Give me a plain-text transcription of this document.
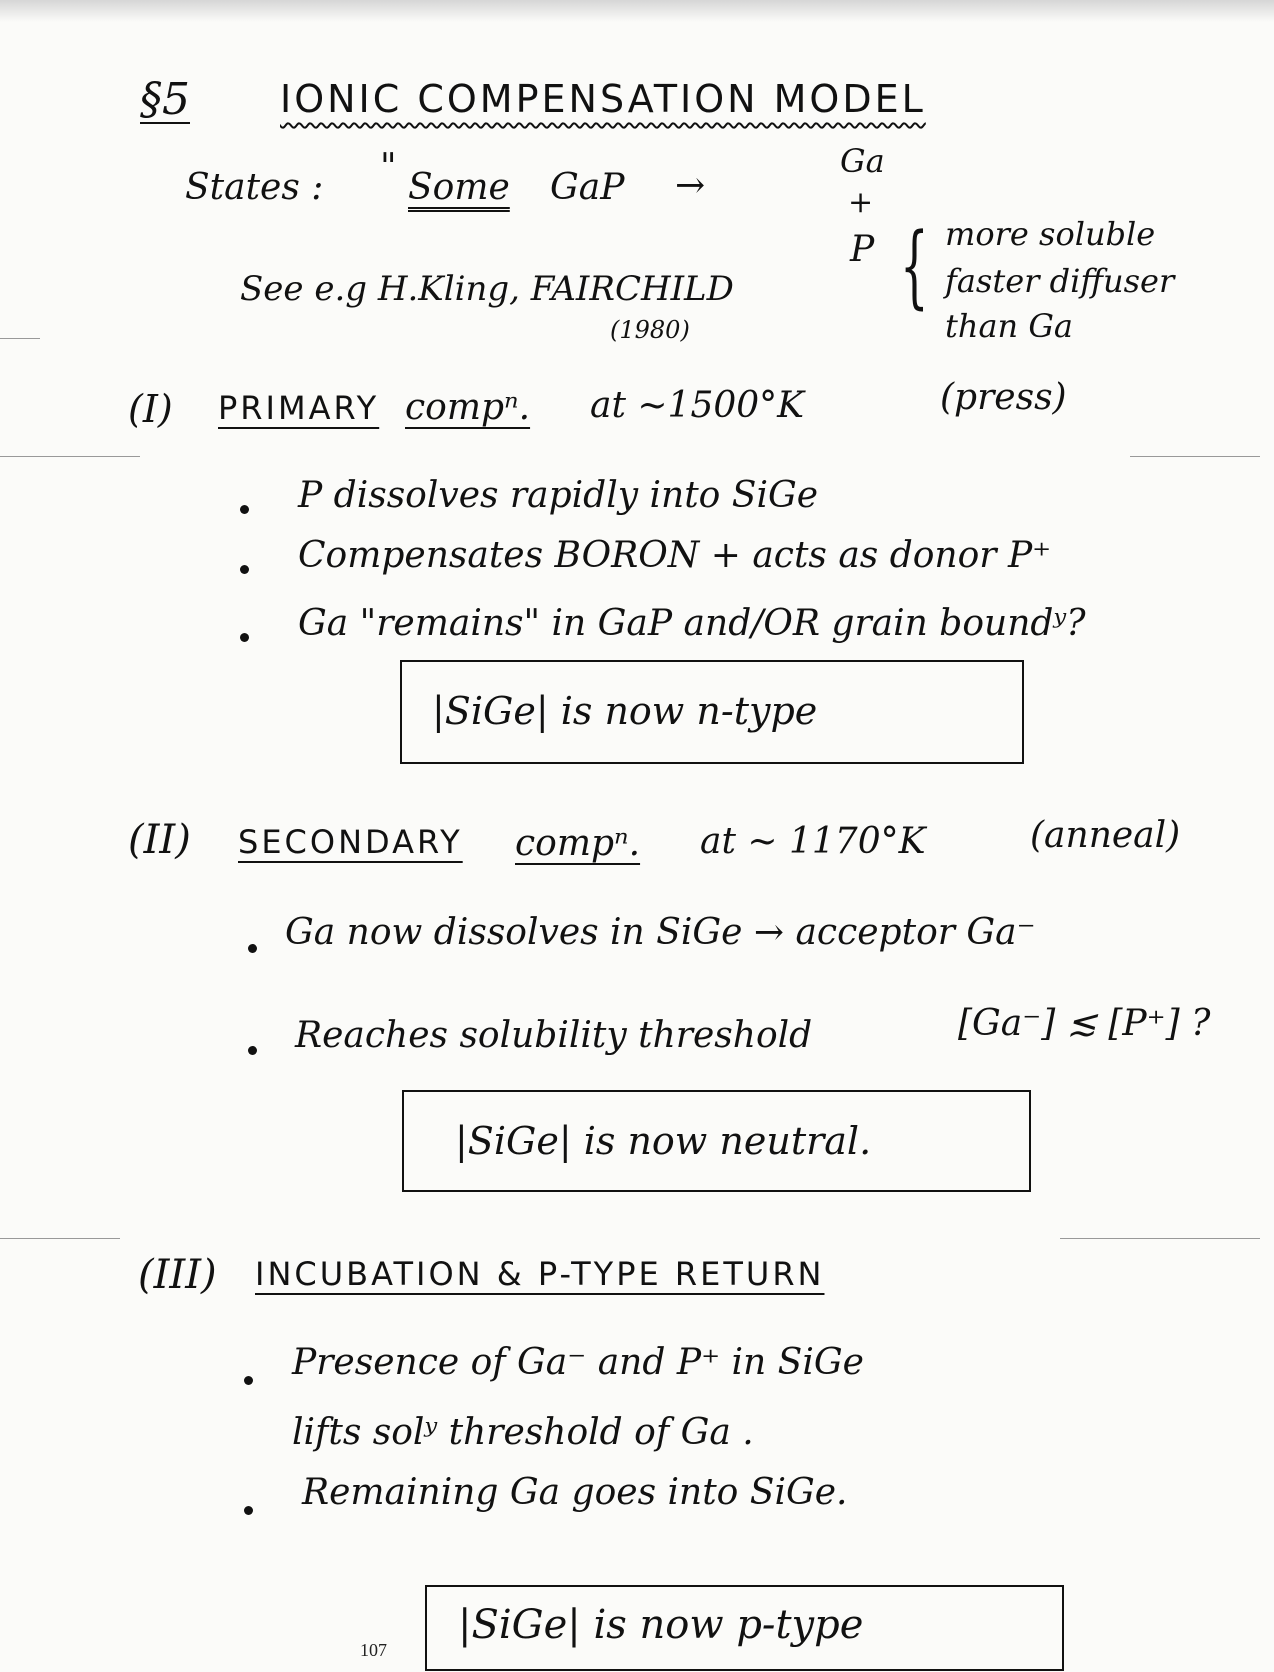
§5 IONIC COMPENSATION MODEL
States : " Some GaP →
Ga
+
P { more soluble
faster diffuser
than Ga
See e.g H.Kling, FAIRCHILD
(1980)
(I) PRIMARY compⁿ. at ~1500°K	(press)
P dissolves rapidly into SiGe
Compensates BORON + acts as donor P⁺
Ga "remains" in GaP and/OR grain boundʸ?
|SiGe| is now n-type
(II) SECONDARY compⁿ. at ~ 1170°K	(anneal)
Ga now dissolves in SiGe → acceptor Ga⁻
Reaches solubility threshold	[Ga⁻] ≲ [P⁺] ?
|SiGe| is now neutral.
(III) INCUBATION & P-TYPE RETURN
Presence of Ga⁻ and P⁺ in SiGe
lifts solʸ threshold of Ga .
Remaining Ga goes into SiGe.
|SiGe| is now p-type
107
